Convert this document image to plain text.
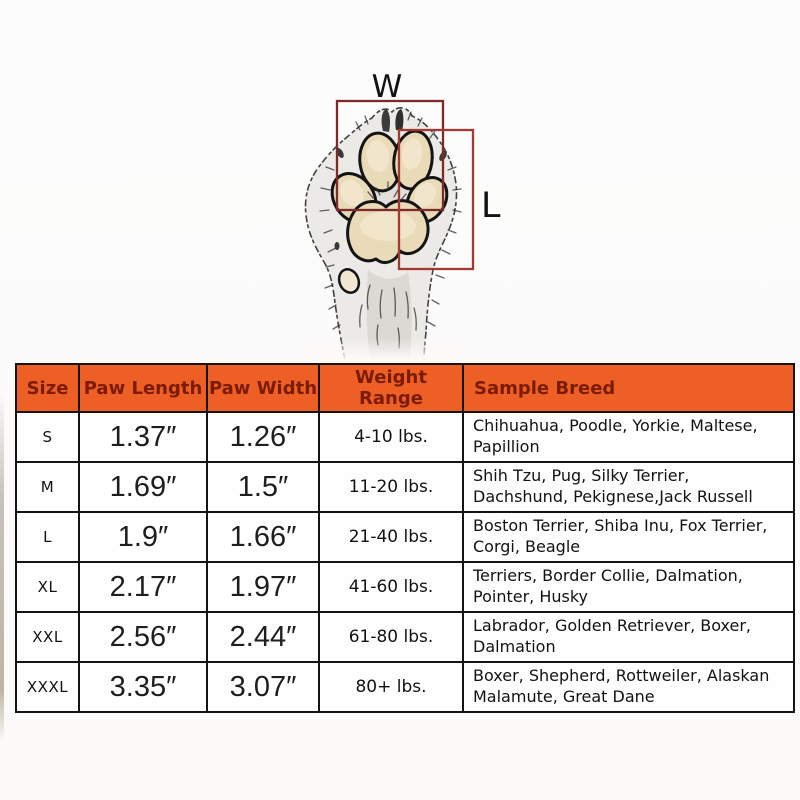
W
L
Size	Paw Length	Paw Width	Weight Range	Sample Breed
S	1.37″	1.26″	4-10 lbs.	Chihuahua, Poodle, Yorkie, Maltese, Papillion
M	1.69″	1.5″	11-20 lbs.	Shih Tzu, Pug, Silky Terrier, Dachshund, Pekignese,Jack Russell
L	1.9″	1.66″	21-40 lbs.	Boston Terrier, Shiba Inu, Fox Terrier, Corgi, Beagle
XL	2.17″	1.97″	41-60 lbs.	Terriers, Border Collie, Dalmation, Pointer, Husky
XXL	2.56″	2.44″	61-80 lbs.	Labrador, Golden Retriever, Boxer, Dalmation
XXXL	3.35″	3.07″	80+ lbs.	Boxer, Shepherd, Rottweiler, Alaskan Malamute, Great Dane
